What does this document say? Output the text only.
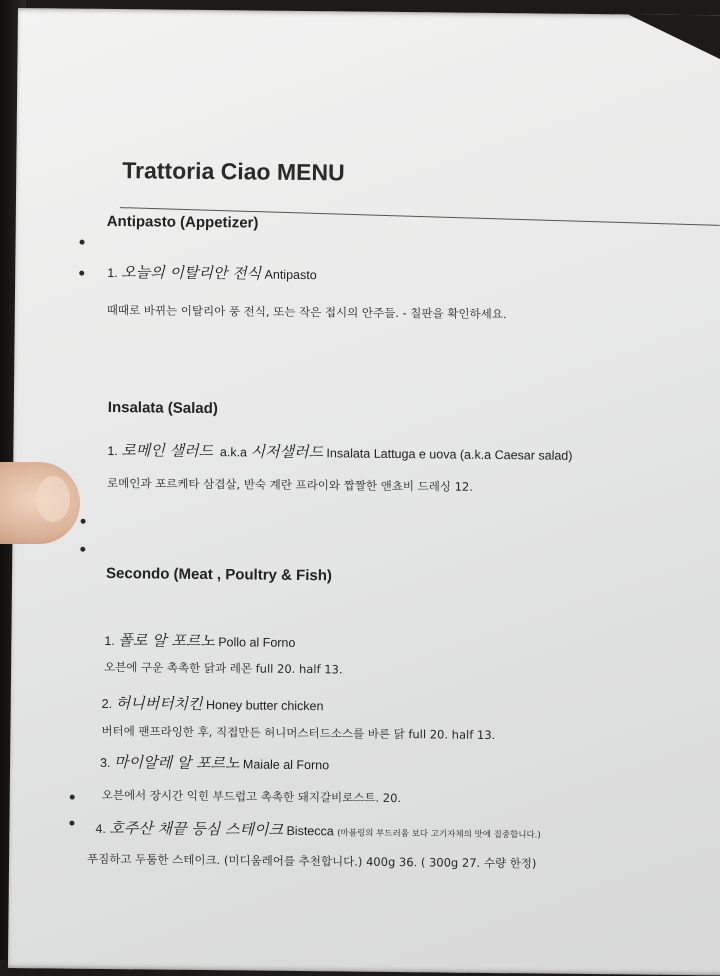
Trattoria Ciao MENU
Antipasto (Appetizer)
1. 오늘의 이탈리안 전식 Antipasto
때때로 바뀌는 이탈리아 풍 전식, 또는 작은 접시의 안주들. - 칠판을 확인하세요.
Insalata (Salad)
1. 로메인 샐러드 a.k.a 시저샐러드 Insalata Lattuga e uova (a.k.a Caesar salad)
로메인과 포르케타 삼겹살, 반숙 계란 프라이와 짭짤한 앤쵸비 드레싱 12.
Secondo (Meat , Poultry & Fish)
1. 폴로 알 포르노 Pollo al Forno
오븐에 구운 촉촉한 닭과 레몬 full 20. half 13.
2. 허니버터치킨 Honey butter chicken
버터에 팬프라잉한 후, 직접만든 허니머스터드소스를 바른 닭 full 20. half 13.
3. 마이알레 알 포르노 Maiale al Forno
오븐에서 장시간 익힌 부드럽고 촉촉한 돼지갈비로스트. 20.
4. 호주산 채끝 등심 스테이크 Bistecca (마블링의 부드러움 보다 고기자체의 맛에 집중합니다.)
푸짐하고 두툼한 스테이크. (미디움레어를 추천합니다.) 400g 36. ( 300g 27. 수량 한정)
